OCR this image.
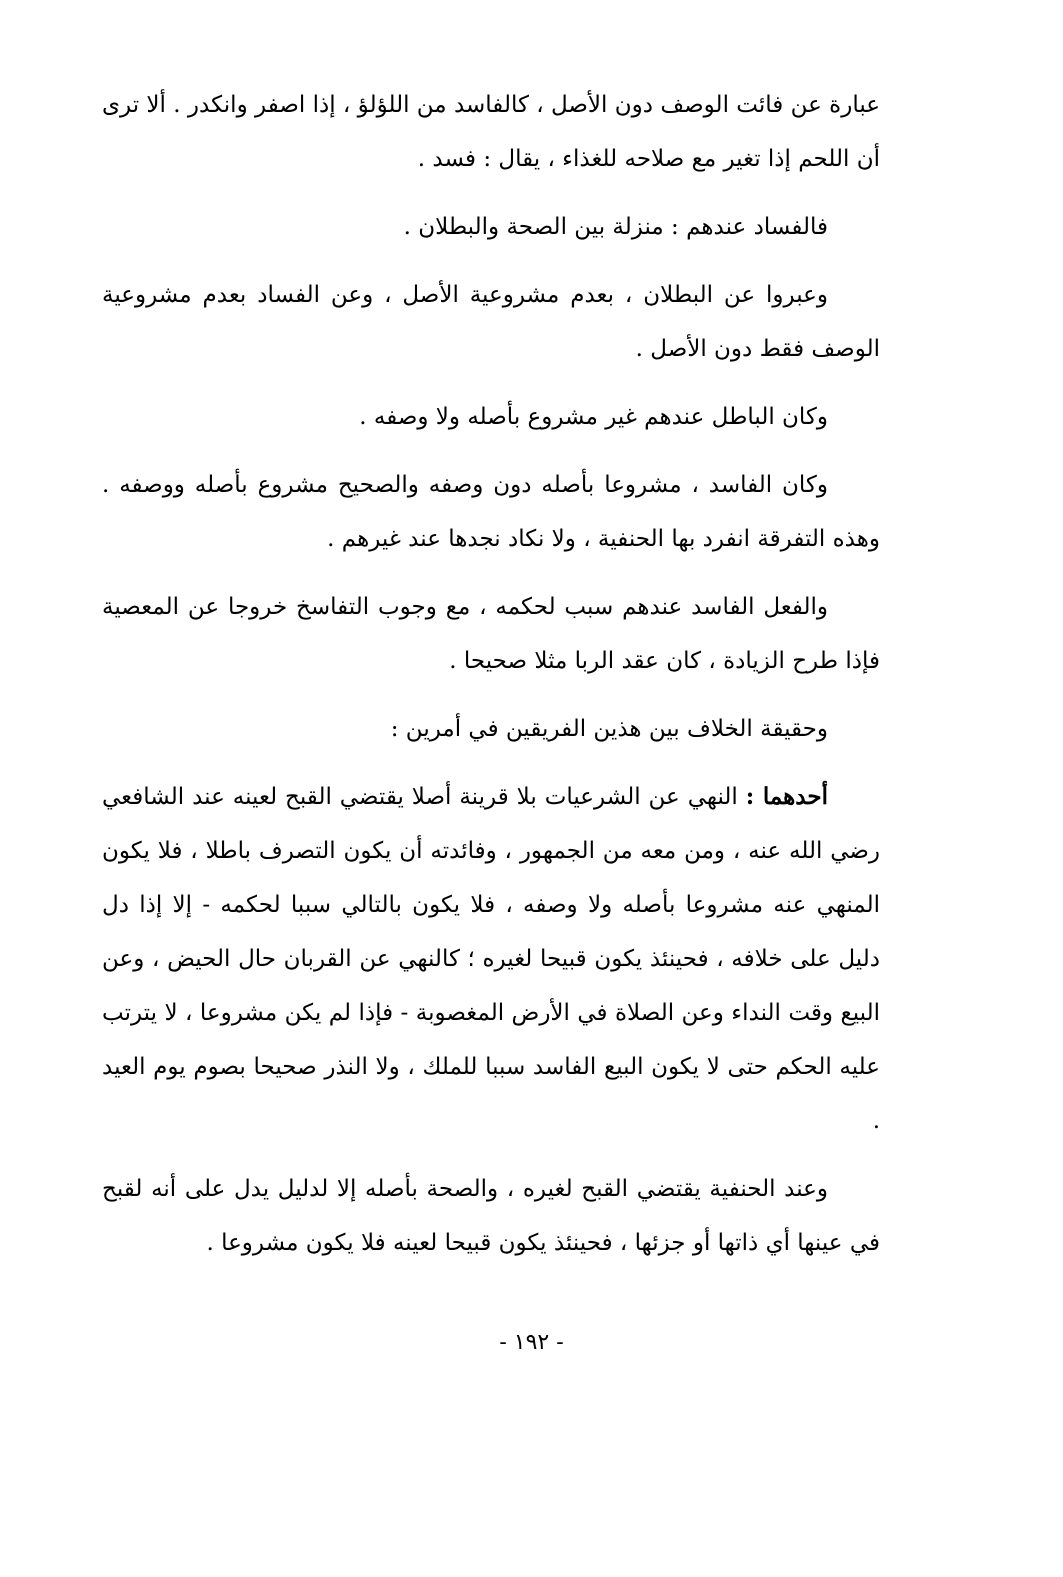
عبارة عن فائت الوصف دون الأصل ، كالفاسد من اللؤلؤ ، إذا اصفر وانكدر . ألا ترى أن اللحم إذا تغير مع صلاحه للغذاء ، يقال : فسد .

فالفساد عندهم : منزلة بين الصحة والبطلان .

وعبروا عن البطلان ، بعدم مشروعية الأصل ، وعن الفساد بعدم مشروعية الوصف فقط دون الأصل .

وكان الباطل عندهم غير مشروع بأصله ولا وصفه .

وكان الفاسد ، مشروعا بأصله دون وصفه والصحيح مشروع بأصله ووصفه . وهذه التفرقة انفرد بها الحنفية ، ولا نكاد نجدها عند غيرهم .

والفعل الفاسد عندهم سبب لحكمه ، مع وجوب التفاسخ خروجا عن المعصية فإذا طرح الزيادة ، كان عقد الربا مثلا صحيحا .

وحقيقة الخلاف بين هذين الفريقين في أمرين :

أحدهما : النهي عن الشرعيات بلا قرينة أصلا يقتضي القبح لعينه عند الشافعي رضي الله عنه ، ومن معه من الجمهور ، وفائدته أن يكون التصرف باطلا ، فلا يكون المنهي عنه مشروعا بأصله ولا وصفه ، فلا يكون بالتالي سببا لحكمه - إلا إذا دل دليل على خلافه ، فحينئذ يكون قبيحا لغيره ؛ كالنهي عن القربان حال الحيض ، وعن البيع وقت النداء وعن الصلاة في الأرض المغصوبة - فإذا لم يكن مشروعا ، لا يترتب عليه الحكم حتى لا يكون البيع الفاسد سببا للملك ، ولا النذر صحيحا بصوم يوم العيد .

وعند الحنفية يقتضي القبح لغيره ، والصحة بأصله إلا لدليل يدل على أنه لقبح في عينها أي ذاتها أو جزئها ، فحينئذ يكون قبيحا لعينه فلا يكون مشروعا .

- ١٩٢ -
